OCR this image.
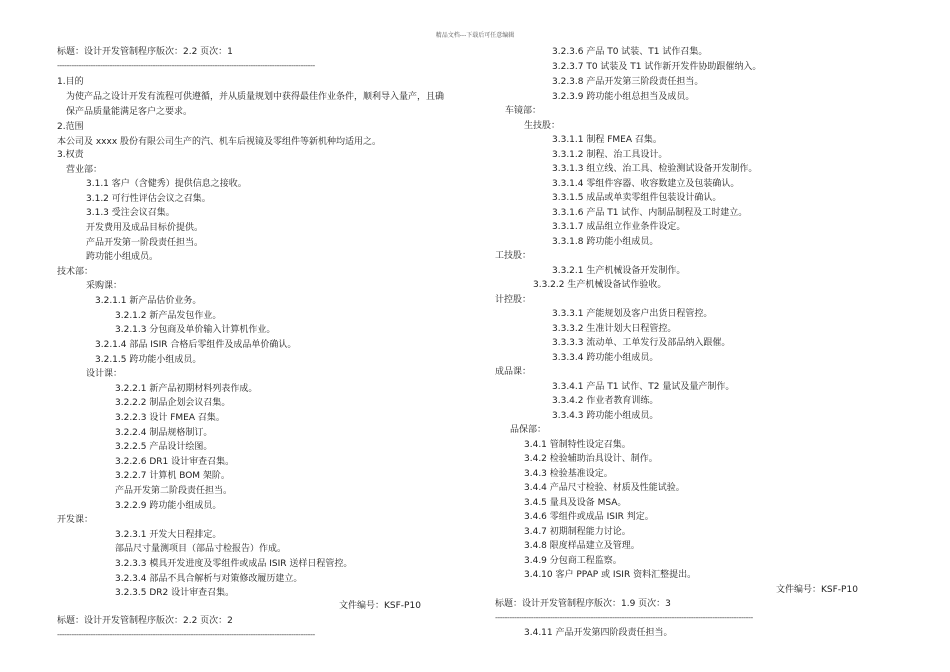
精品文档---下载后可任意编辑
标题：设计开发管制程序版次：2.2 页次：1
------------------------------------------------------------------------------------------------------------
1.目的
为使产品之设计开发有流程可供遵循，并从质量规划中获得最佳作业条件，顺利导入量产，且确
保产品质量能满足客户之要求。
2.范围
本公司及 xxxx 股份有限公司生产的汽、机车后视镜及零组件等新机种均适用之。
3.权责
营业部：
3.1.1 客户（含健秀）提供信息之接收。
3.1.2 可行性评估会议之召集。
3.1.3 受注会议召集。
开发费用及成品目标价提供。
产品开发第一阶段责任担当。
跨功能小组成员。
技术部：
采购课：
3.2.1.1 新产品估价业务。
3.2.1.2 新产品发包作业。
3.2.1.3 分包商及单价输入计算机作业。
3.2.1.4 部品 ISIR 合格后零组件及成品单价确认。
3.2.1.5 跨功能小组成员。
设计课：
3.2.2.1 新产品初期材料列表作成。
3.2.2.2 制品企划会议召集。
3.2.2.3 设计 FMEA 召集。
3.2.2.4 制品规格制订。
3.2.2.5 产品设计绘图。
3.2.2.6 DR1 设计审查召集。
3.2.2.7 计算机 BOM 架阶。
产品开发第二阶段责任担当。
3.2.2.9 跨功能小组成员。
开发课：
3.2.3.1 开发大日程排定。
部品尺寸量测项目（部品寸检报告）作成。
3.2.3.3 模具开发进度及零组件或成品 ISIR 送样日程管控。
3.2.3.4 部品不具合解析与对策修改履历建立。
3.2.3.5 DR2 设计审查召集。
文件编号：KSF-P10
标题：设计开发管制程序版次：2.2 页次：2
------------------------------------------------------------------------------------------------------------
3.2.3.6 产品 T0 试装、T1 试作召集。
3.2.3.7 T0 试装及 T1 试作新开发件协助跟催纳入。
3.2.3.8 产品开发第三阶段责任担当。
3.2.3.9 跨功能小组总担当及成员。
车镜部：
生技股：
3.3.1.1 制程 FMEA 召集。
3.3.1.2 制程、治工具设计。
3.3.1.3 组立线、治工具、检验测试设备开发制作。
3.3.1.4 零组件容器、收容数建立及包装确认。
3.3.1.5 成品或单卖零组件包装设计确认。
3.3.1.6 产品 T1 试作、内制品制程及工时建立。
3.3.1.7 成品组立作业条件设定。
3.3.1.8 跨功能小组成员。
工技股：
3.3.2.1 生产机械设备开发制作。
3.3.2.2 生产机械设备试作验收。
计控股：
3.3.3.1 产能规划及客户出货日程管控。
3.3.3.2 生准计划大日程管控。
3.3.3.3 流动单、工单发行及部品纳入跟催。
3.3.3.4 跨功能小组成员。
成品课：
3.3.4.1 产品 T1 试作、T2 量试及量产制作。
3.3.4.2 作业者教育训练。
3.3.4.3 跨功能小组成员。
品保部：
3.4.1 管制特性设定召集。
3.4.2 检验辅助治具设计、制作。
3.4.3 检验基准设定。
3.4.4 产品尺寸检验、材质及性能试验。
3.4.5 量具及设备 MSA。
3.4.6 零组件或成品 ISIR 判定。
3.4.7 初期制程能力讨论。
3.4.8 限度样品建立及管理。
3.4.9 分包商工程监察。
3.4.10 客户 PPAP 或 ISIR 资料汇整提出。
文件编号：KSF-P10
标题：设计开发管制程序版次：1.9 页次：3
------------------------------------------------------------------------------------------------------------
3.4.11 产品开发第四阶段责任担当。
